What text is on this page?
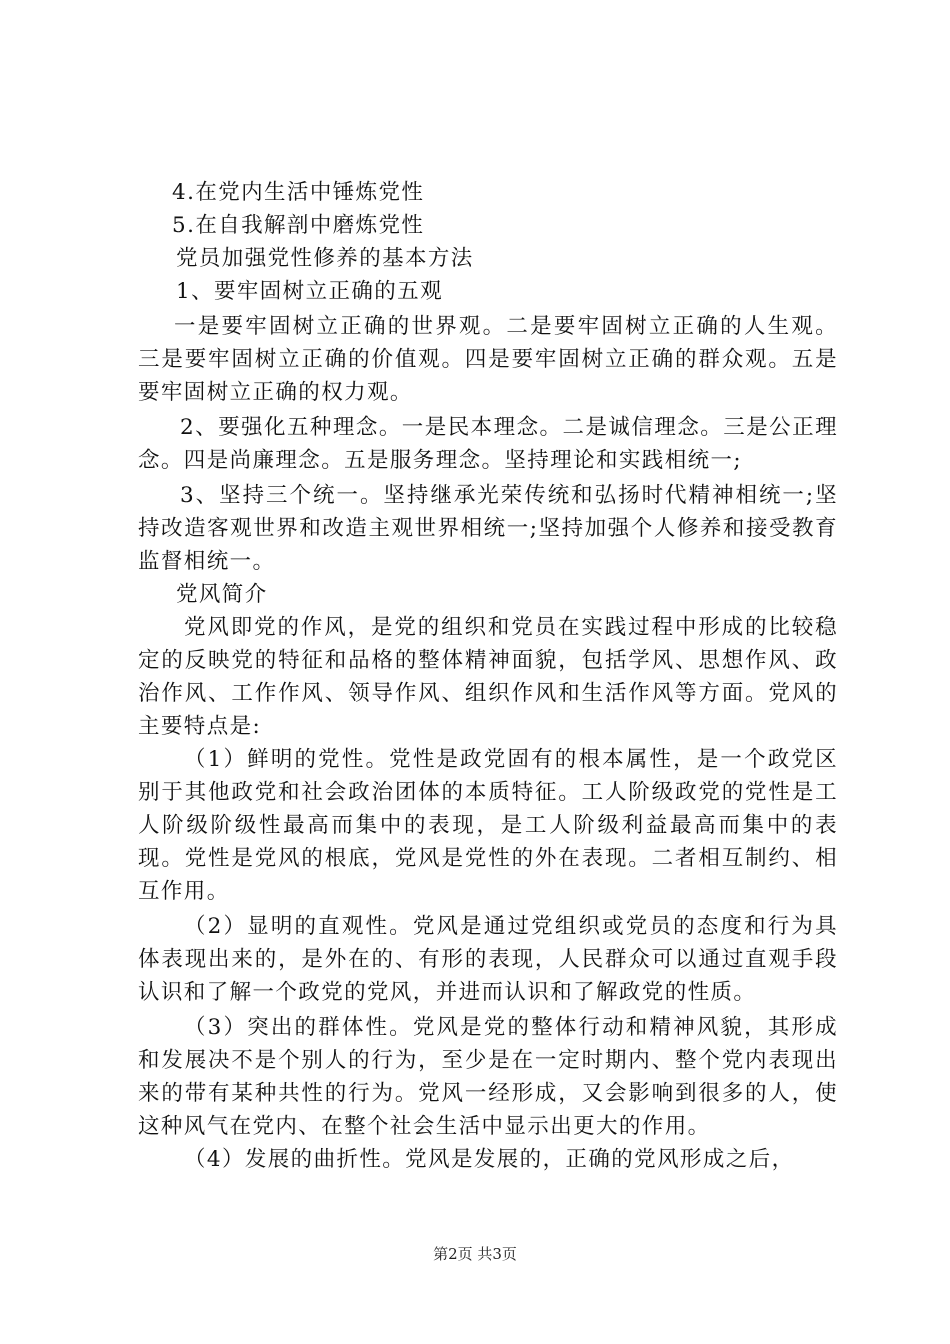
4.在党内生活中锤炼党性

5.在自我解剖中磨炼党性

党员加强党性修养的基本方法

1、要牢固树立正确的五观

一是要牢固树立正确的世界观。二是要牢固树立正确的人生观。三是要牢固树立正确的价值观。四是要牢固树立正确的群众观。五是要牢固树立正确的权力观。

2、要强化五种理念。一是民本理念。二是诚信理念。三是公正理念。四是尚廉理念。五是服务理念。坚持理论和实践相统一;

3、坚持三个统一。坚持继承光荣传统和弘扬时代精神相统一;坚持改造客观世界和改造主观世界相统一;坚持加强个人修养和接受教育监督相统一。

党风简介

党风即党的作风，是党的组织和党员在实践过程中形成的比较稳定的反映党的特征和品格的整体精神面貌，包括学风、思想作风、政治作风、工作作风、领导作风、组织作风和生活作风等方面。党风的主要特点是:

（1）鲜明的党性。党性是政党固有的根本属性，是一个政党区别于其他政党和社会政治团体的本质特征。工人阶级政党的党性是工人阶级阶级性最高而集中的表现，是工人阶级利益最高而集中的表现。党性是党风的根底，党风是党性的外在表现。二者相互制约、相互作用。

（2）显明的直观性。党风是通过党组织或党员的态度和行为具体表现出来的，是外在的、有形的表现，人民群众可以通过直观手段认识和了解一个政党的党风，并进而认识和了解政党的性质。

（3）突出的群体性。党风是党的整体行动和精神风貌，其形成和发展决不是个别人的行为，至少是在一定时期内、整个党内表现出来的带有某种共性的行为。党风一经形成，又会影响到很多的人，使这种风气在党内、在整个社会生活中显示出更大的作用。

（4）发展的曲折性。党风是发展的，正确的党风形成之后，

第2页 共3页
